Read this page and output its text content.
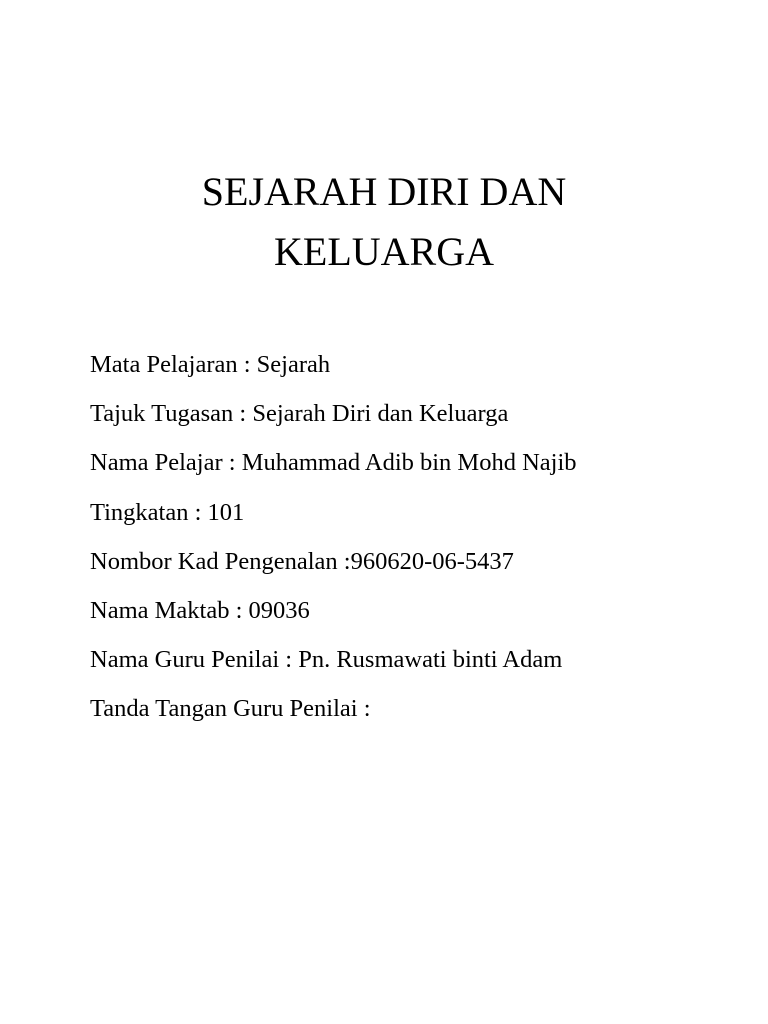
SEJARAH DIRI DAN
KELUARGA
Mata Pelajaran : Sejarah
Tajuk Tugasan : Sejarah Diri dan Keluarga
Nama Pelajar : Muhammad Adib bin Mohd Najib
Tingkatan : 101
Nombor Kad Pengenalan :960620-06-5437
Nama Maktab : 09036
Nama Guru Penilai : Pn. Rusmawati binti Adam
Tanda Tangan Guru Penilai :
